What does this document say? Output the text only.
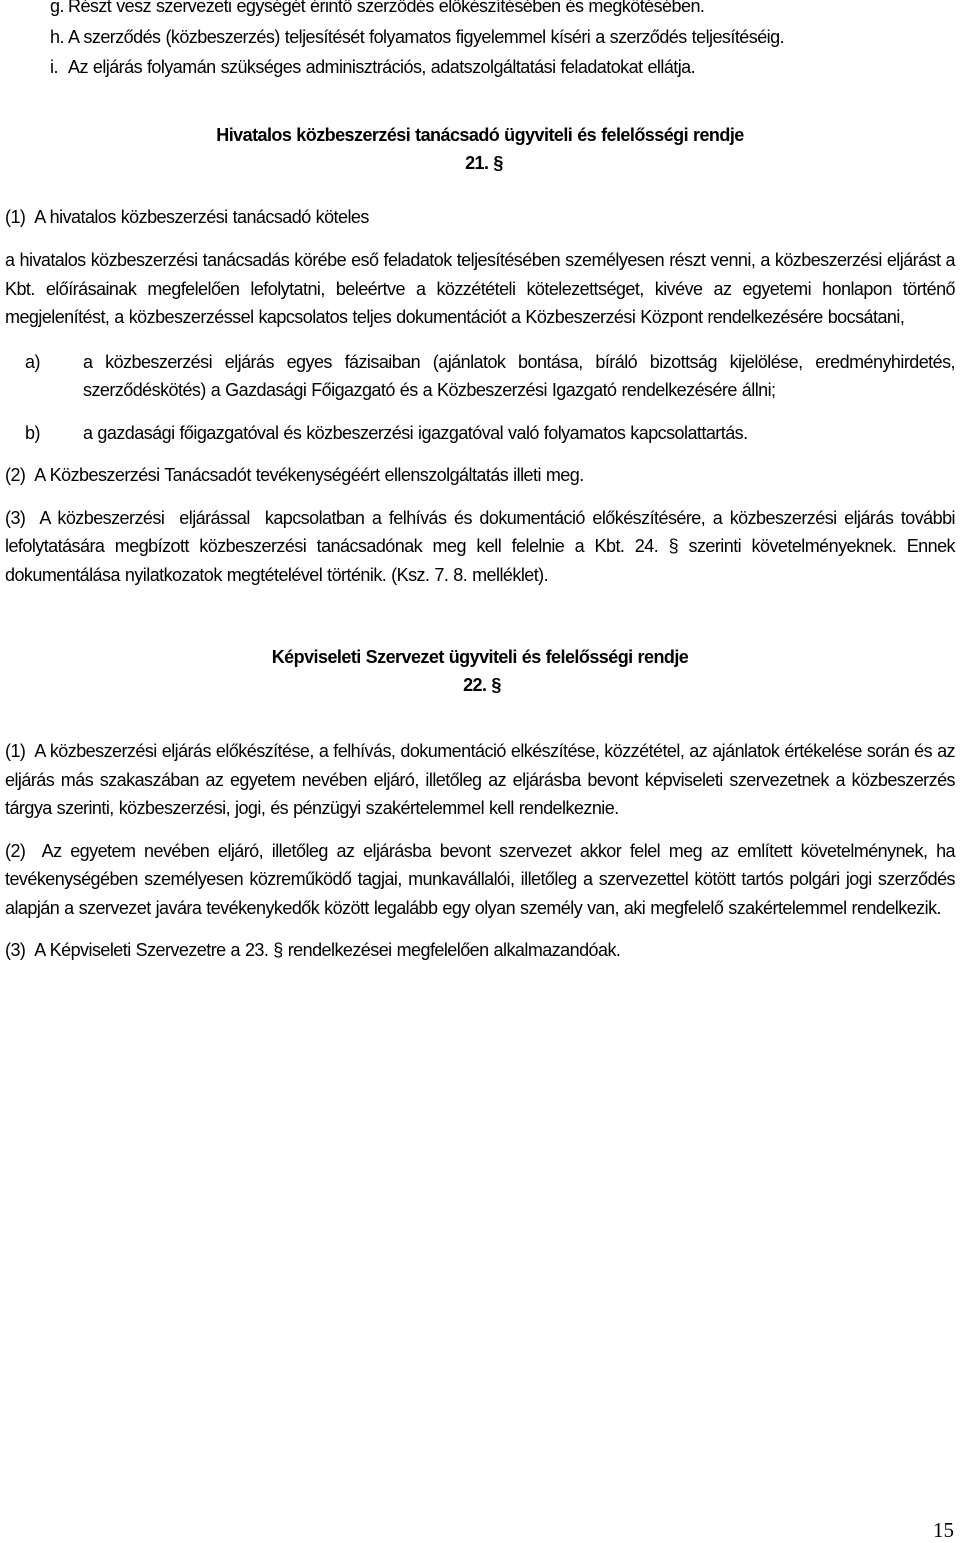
g. Részt vesz szervezeti egységét érintő szerződés előkészítésében és megkötésében.
h. A szerződés (közbeszerzés) teljesítését folyamatos figyelemmel kíséri a szerződés teljesítéséig.
i. Az eljárás folyamán szükséges adminisztrációs, adatszolgáltatási feladatokat ellátja.

Hivatalos közbeszerzési tanácsadó ügyviteli és felelősségi rendje

21. §

(1)  A hivatalos közbeszerzési tanácsadó köteles

a hivatalos közbeszerzési tanácsadás körébe eső feladatok teljesítésében személyesen részt venni, a közbeszerzési eljárást a Kbt. előírásainak megfelelően lefolytatni, beleértve a közzétételi kötelezettséget, kivéve az egyetemi honlapon történő megjelenítést, a közbeszerzéssel kapcsolatos teljes dokumentációt a Közbeszerzési Központ rendelkezésére bocsátani,

a)	a közbeszerzési eljárás egyes fázisaiban (ajánlatok bontása, bíráló bizottság kijelölése, eredményhirdetés, szerződéskötés) a Gazdasági Főigazgató és a Közbeszerzési Igazgató rendelkezésére állni;
b)	a gazdasági főigazgatóval és közbeszerzési igazgatóval való folyamatos kapcsolattartás.

(2)  A Közbeszerzési Tanácsadót tevékenységéért ellenszolgáltatás illeti meg.

(3)  A közbeszerzési  eljárással  kapcsolatban a felhívás és dokumentáció előkészítésére, a közbeszerzési eljárás további lefolytatására megbízott közbeszerzési tanácsadónak meg kell felelnie a Kbt. 24. § szerinti követelményeknek. Ennek dokumentálása nyilatkozatok megtételével történik. (Ksz. 7. 8. melléklet).

Képviseleti Szervezet ügyviteli és felelősségi rendje

22. §

(1)  A közbeszerzési eljárás előkészítése, a felhívás, dokumentáció elkészítése, közzététel, az ajánlatok értékelése során és az eljárás más szakaszában az egyetem nevében eljáró, illetőleg az eljárásba bevont képviseleti szervezetnek a közbeszerzés tárgya szerinti, közbeszerzési, jogi, és pénzügyi szakértelemmel kell rendelkeznie.

(2)  Az egyetem nevében eljáró, illetőleg az eljárásba bevont szervezet akkor felel meg az említett követelménynek, ha tevékenységében személyesen közreműködő tagjai, munkavállalói, illetőleg a szervezettel kötött tartós polgári jogi szerződés alapján a szervezet javára tevékenykedők között legalább egy olyan személy van, aki megfelelő szakértelemmel rendelkezik.

(3)  A Képviseleti Szervezetre a 23. § rendelkezései megfelelően alkalmazandóak.

15
